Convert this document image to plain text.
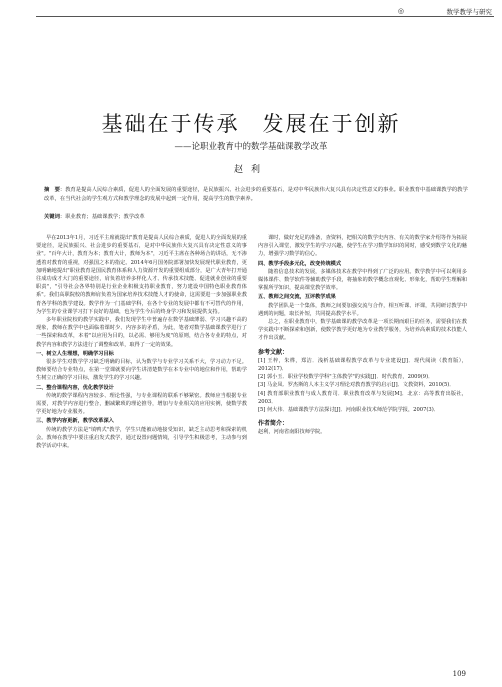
◎	数学教学与研究
基础在于传承　发展在于创新
——论职业教育中的数学基础课教学改革
赵利
摘　要：教育是提高人民综合素质，促进人的全面发展的重要途径，是民族振兴、社会进步的重要基石，是对中华民族伟大复兴具有决定性意义的事业。职业教育中基础课教学的教学改革，在当代社会的学生观方式和教学理念的发展中起到一定作用，提高学生的数学素养。
关键词：职业教育；基础课教学；教学改革

早在2013年1月，习近平主席就提出"教育是提高人民综合素质，促进人的全面发展的重要途径，是民族振兴、社会进步的重要基石，是对中华民族伟大复兴具有决定性意义的事业"。"百年大计，教育为本；教育大计，教师为本"，习近平主席在各种场合的讲话，无不渗透着对教育的重视，对强国之本的指定。2014年6月国务院部署加快发展现代职业教育，更加明确地提出"职业教育是国民教育体系和人力资源开发的重要组成部分，是广大青年打开通往成功成才大门的重要途径，肩负着培养多样化人才、传承技术技能、促进就业创业的重要职责"，"引导社会各界特别是行业企业积极支持职业教育，努力建设中国特色职业教育体系"。我们高职院校的教师肩负着为国家培养技术技能人才的使命，这需要进一步加强职业教育各学科的教学建设。数学作为一门基础学科，在各个专业的发展中都有不可替代的作用，为学生的专业课学习打下良好的基础，也为学生今后的终身学习和发展提供支持。

多年职业院校的教学实践中，我们发现学生中普遍存在数学基础薄弱、学习兴趣不高的现象，教师在教学中也面临着课时少、内容多的矛盾，为此，笔者对数学基础课教学进行了一些探索和改革，本着"以应用为目的，以必需、够用为度"的原则，结合各专业的特点，对教学内容和教学方法进行了调整和改革，取得了一定的效果。

一、树立人生理想，明确学习目标

很多学生对数学学习缺乏明确的目标，认为数学与专业学习关系不大，学习动力不足。教师要结合专业特点，在第一堂课就要向学生讲清楚数学在本专业中的地位和作用，帮助学生树立正确的学习目标，激发学生的学习兴趣。

二、整合课程内容，优化教学设计

传统的数学课程内容较多、理论性强，与专业课程的联系不够紧密。教师应当根据专业需要，对教学内容进行整合，删减繁琐的理论推导，增加与专业相关的应用实例，使数学教学更好地为专业服务。

三、教学内容更新，教学改革深入

传统的教学方法是"填鸭式"教学，学生只能被动地接受知识，缺乏主动思考和探索的机会。教师在教学中要注重启发式教学，通过设置问题情境，引导学生积极思考，主动参与到教学活动中来。

课时，做好充足的准备，查资料，把相关的数学史内容、有关的数学家介绍等作为拓展内容引入课堂，激发学生的学习兴趣，使学生在学习数学知识的同时，感受到数学文化的魅力，增强学习数学的信心。

四、教学手段多元化，改变传统模式

随着信息技术的发展，多媒体技术在教学中得到了广泛的应用。数学教学中可以利用多媒体课件、数学软件等辅助教学手段，将抽象的数学概念直观化、形象化，帮助学生理解和掌握所学知识，提高课堂教学效率。

五、教师之间交流，互评教学成果

教学团队是一个集体，教师之间要加强交流与合作，相互听课、评课，共同研讨教学中遇到的问题，取长补短，共同提高教学水平。

总之，在职业教育中，数学基础课的教学改革是一项长期而艰巨的任务，需要我们在教学实践中不断探索和创新，使数学教学更好地为专业教学服务，为培养高素质的技术技能人才作出贡献。

参考文献：

[1] 王梓，朱桦，郑洁．浅析基础课程教学改革与专业建设[J]．现代阅读（教育版），2012(17)．

[2] 郭小玉．职业学校数学学科"主体教学"的实践[J]．时代教育，2009(9)．

[3] 马金凤．罗杰斯的人本主义学习理论对教育教学的启示[J]．文教资料，2010(5)．

[4] 教育部职业教育与成人教育司．职业教育改革与发展[M]．北京：高等教育出版社，2003．

[5] 何大伟．基础课教学方法探讨[J]．河南职业技术师范学院学报，2007(3)．

作者简介：

赵利，河南省南阳技师学院。

109
